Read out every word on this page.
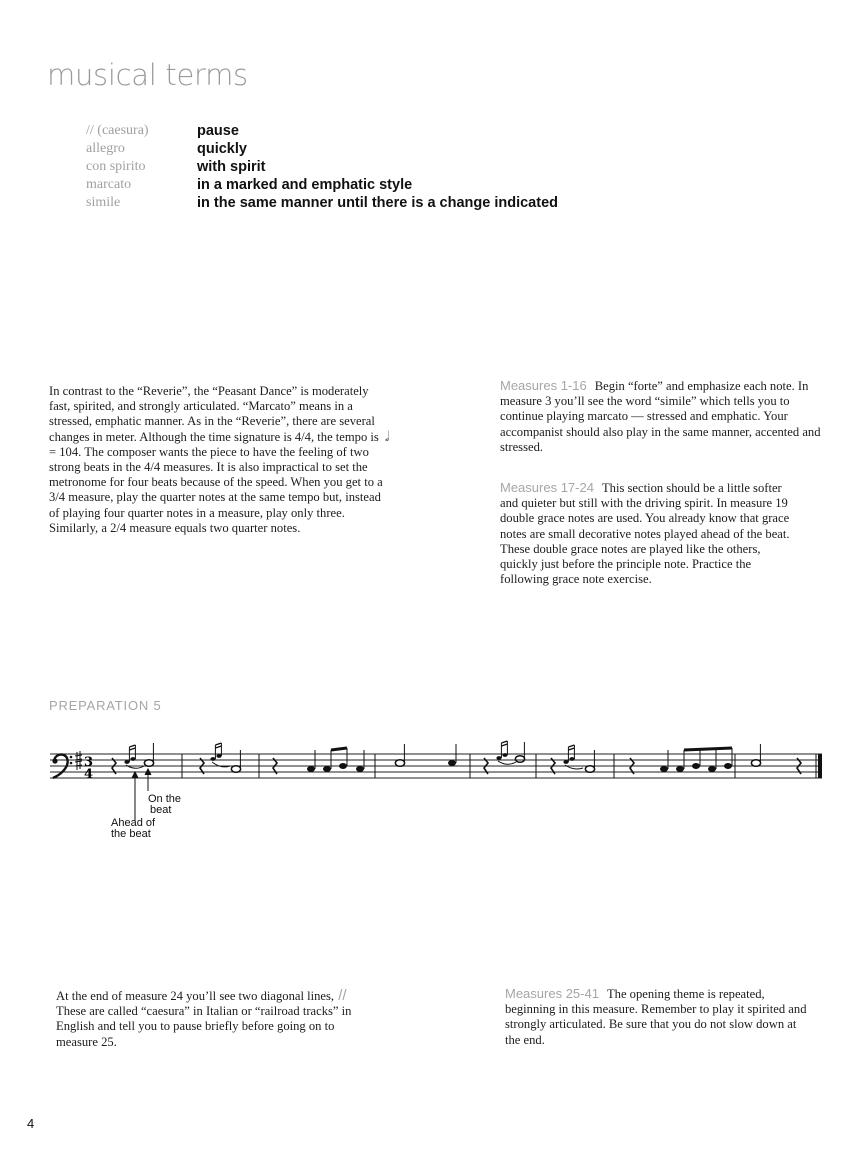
musical terms
// (caesura)	pause
allegro	quickly
con spirito	with spirit
marcato	in a marked and emphatic style
simile	in the same manner until there is a change indicated

In contrast to the “Reverie”, the “Peasant Dance” is moderately fast, spirited, and strongly articulated. “Marcato” means in a stressed, emphatic manner. As in the “Reverie”, there are several changes in meter. Although the time signature is 4/4, the tempo is 𝅗𝅥 = 104. The composer wants the piece to have the feeling of two strong beats in the 4/4 measures. It is also impractical to set the metronome for four beats because of the speed. When you get to a 3/4 measure, play the quarter notes at the same tempo but, instead of playing four quarter notes in a measure, play only three. Similarly, a 2/4 measure equals two quarter notes.

Measures 1-16 Begin “forte” and emphasize each note. In measure 3 you’ll see the word “simile” which tells you to continue playing marcato — stressed and emphatic. Your accompanist should also play in the same manner, accented and stressed.

Measures 17-24 This section should be a little softer and quieter but still with the driving spirit. In measure 19 double grace notes are used. You already know that grace notes are small decorative notes played ahead of the beat. These double grace notes are played like the others, quickly just before the principle note. Practice the following grace note exercise.

PREPARATION 5
3
4
On the
beat
Ahead of
the beat

At the end of measure 24 you’ll see two diagonal lines, // These are called “caesura” in Italian or “railroad tracks” in English and tell you to pause briefly before going on to measure 25.

Measures 25-41 The opening theme is repeated, beginning in this measure. Remember to play it spirited and strongly articulated. Be sure that you do not slow down at the end.

4
